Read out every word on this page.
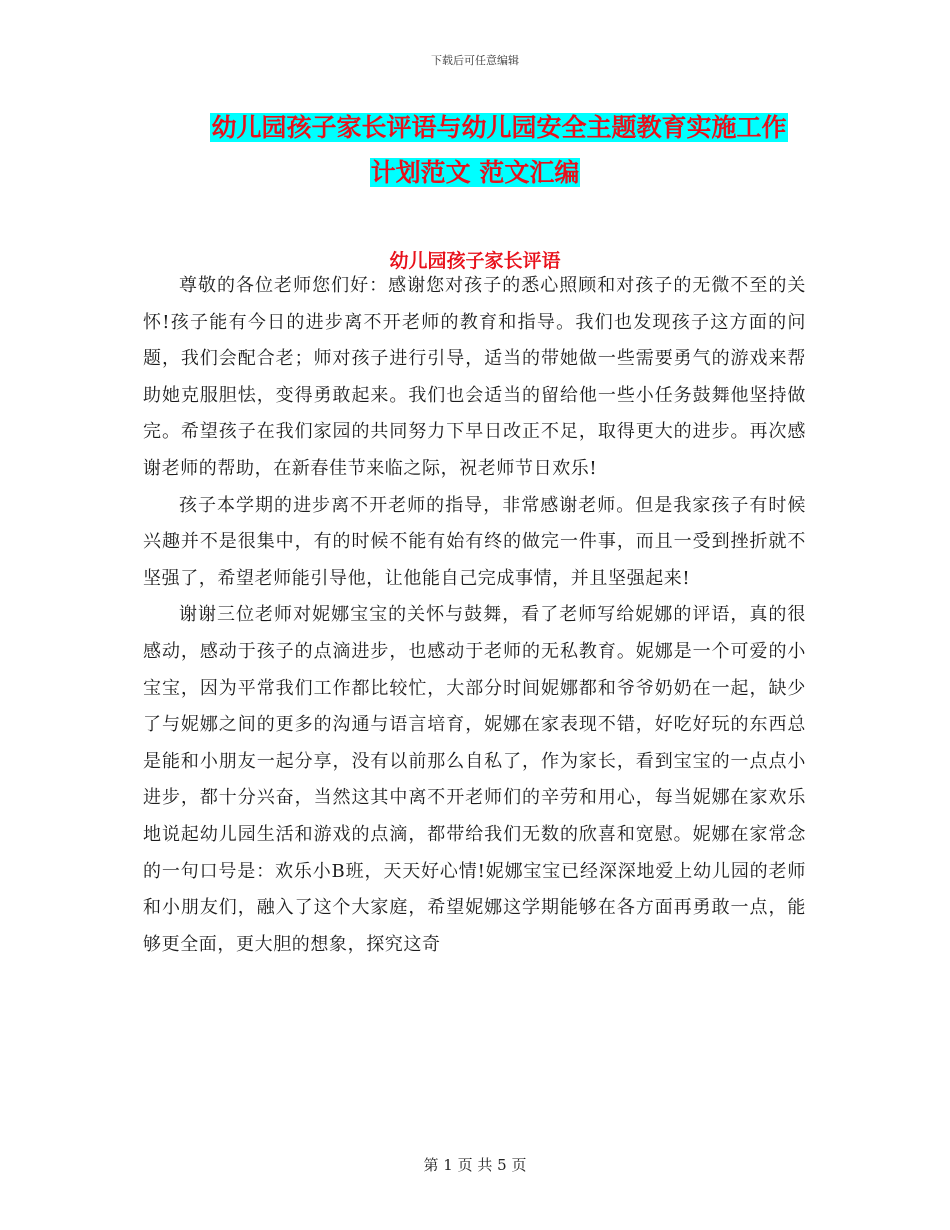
下载后可任意编辑
幼儿园孩子家长评语与幼儿园安全主题教育实施工作
计划范文 范文汇编
幼儿园孩子家长评语

尊敬的各位老师您们好：感谢您对孩子的悉心照顾和对孩子的无微不至的关怀!孩子能有今日的进步离不开老师的教育和指导。我们也发现孩子这方面的问题，我们会配合老；师对孩子进行引导，适当的带她做一些需要勇气的游戏来帮助她克服胆怯，变得勇敢起来。我们也会适当的留给他一些小任务鼓舞他坚持做完。希望孩子在我们家园的共同努力下早日改正不足，取得更大的进步。再次感谢老师的帮助，在新春佳节来临之际，祝老师节日欢乐!

孩子本学期的进步离不开老师的指导，非常感谢老师。但是我家孩子有时候兴趣并不是很集中，有的时候不能有始有终的做完一件事，而且一受到挫折就不坚强了，希望老师能引导他，让他能自己完成事情，并且坚强起来!

谢谢三位老师对妮娜宝宝的关怀与鼓舞，看了老师写给妮娜的评语，真的很感动，感动于孩子的点滴进步，也感动于老师的无私教育。妮娜是一个可爱的小宝宝，因为平常我们工作都比较忙，大部分时间妮娜都和爷爷奶奶在一起，缺少了与妮娜之间的更多的沟通与语言培育，妮娜在家表现不错，好吃好玩的东西总是能和小朋友一起分享，没有以前那么自私了，作为家长，看到宝宝的一点点小进步，都十分兴奋，当然这其中离不开老师们的辛劳和用心，每当妮娜在家欢乐地说起幼儿园生活和游戏的点滴，都带给我们无数的欣喜和宽慰。妮娜在家常念的一句口号是：欢乐小B班，天天好心情!妮娜宝宝已经深深地爱上幼儿园的老师和小朋友们，融入了这个大家庭，希望妮娜这学期能够在各方面再勇敢一点，能够更全面，更大胆的想象，探究这奇

第 1 页 共 5 页
